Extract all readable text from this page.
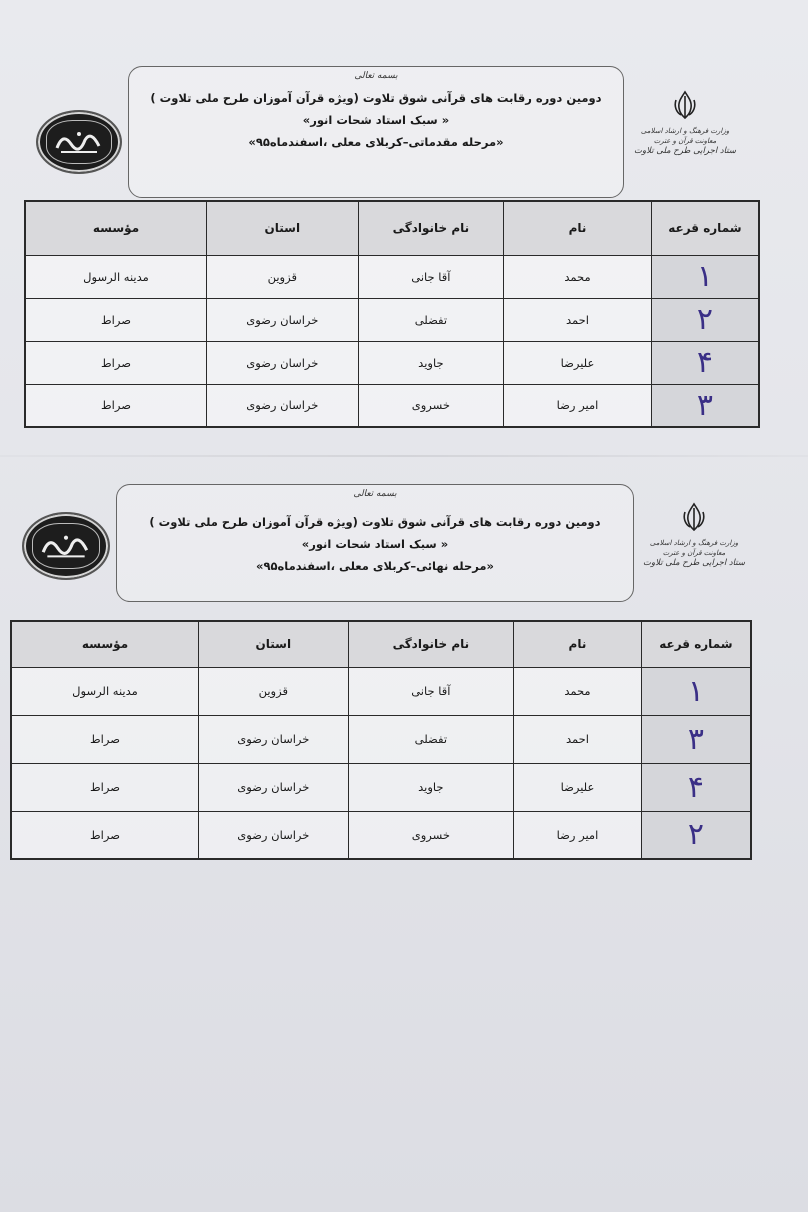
بسمه تعالی
دومین دوره رقابت های قرآنی شوق تلاوت (ویژه قرآن آموزان طرح ملی تلاوت )
« سبک استاد شحات انور»
«مرحله مقدماتی–کربلای معلی ،اسفندماه۹۵»
وزارت فرهنگ و ارشاد اسلامی
معاونت قرآن و عترت
ستاد اجرایی طرح ملی تلاوت
شماره قرعه	نام	نام خانوادگی	استان	مؤسسه
۱	محمد	آقا جانی	قزوین	مدینه الرسول
۲	احمد	تفضلی	خراسان رضوی	صراط
۴	علیرضا	جاوید	خراسان رضوی	صراط
۳	امیر رضا	خسروی	خراسان رضوی	صراط
بسمه تعالی
دومین دوره رقابت های قرآنی شوق تلاوت (ویژه قرآن آموزان طرح ملی تلاوت )
« سبک استاد شحات انور»
«مرحله نهائی–کربلای معلی ،اسفندماه۹۵»
وزارت فرهنگ و ارشاد اسلامی
معاونت قرآن و عترت
ستاد اجرایی طرح ملی تلاوت
شماره قرعه	نام	نام خانوادگی	استان	مؤسسه
۱	محمد	آقا جانی	قزوین	مدینه الرسول
۳	احمد	تفضلی	خراسان رضوی	صراط
۴	علیرضا	جاوید	خراسان رضوی	صراط
۲	امیر رضا	خسروی	خراسان رضوی	صراط
